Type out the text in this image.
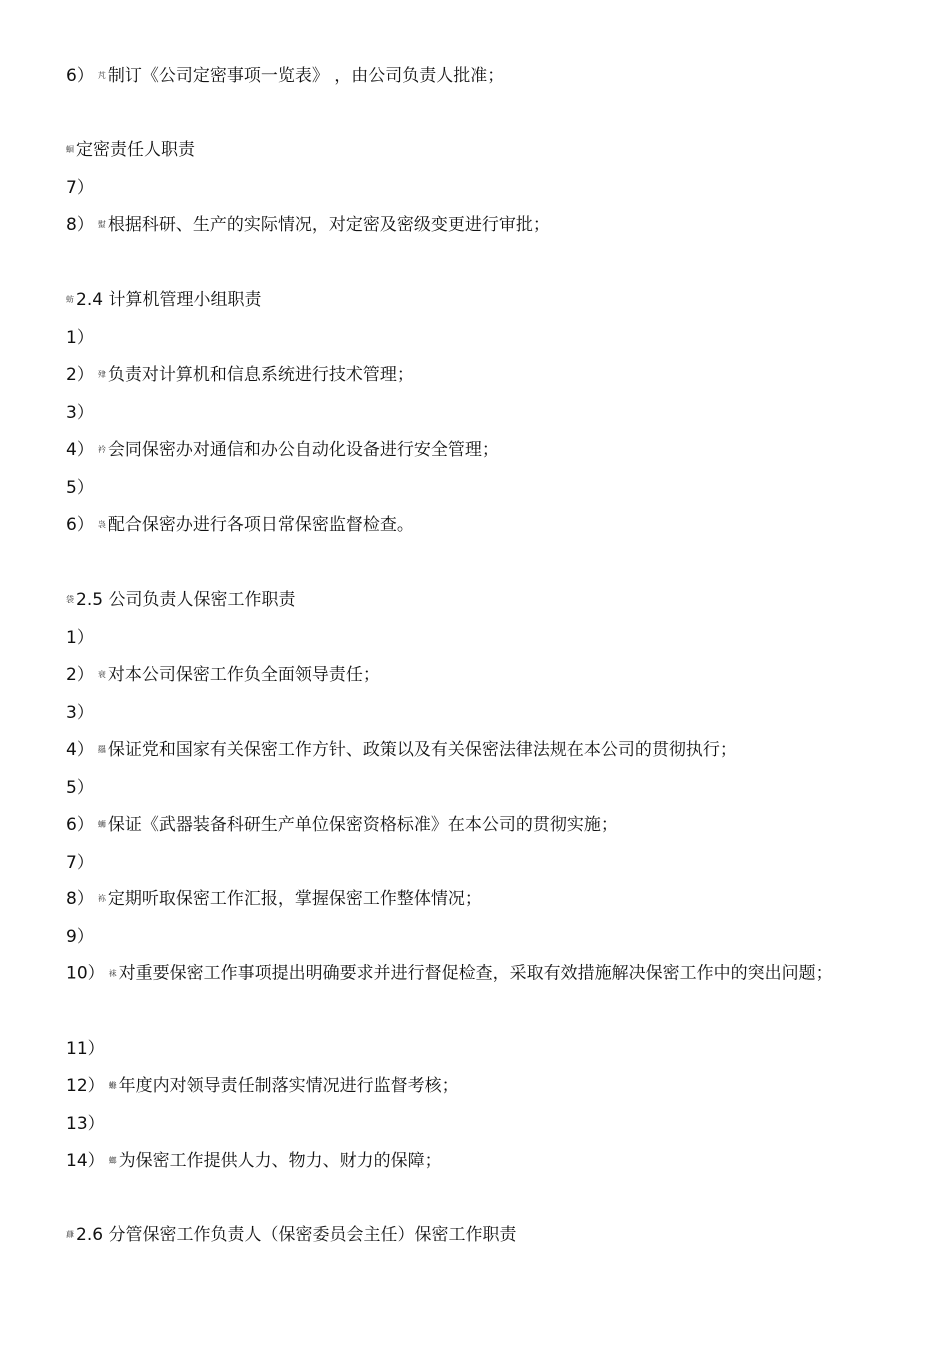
6） 芃 制订《公司定密事项一览表》 ，由公司负责人批准；
蛔 定密责任人职责
7）
8） 螱 根据科研、生产的实际情况，对定密及密级变更进行审批；
蚄 2.4 计算机管理小组职责
1）
2） 肂 负责对计算机和信息系统进行技术管理；
3）
4） 衿 会同保密办对通信和办公自动化设备进行安全管理；
5）
6） 袅 配合保密办进行各项日常保密监督检查。
袋 2.5 公司负责人保密工作职责
1）
2） 衰 对本公司保密工作负全面领导责任；
3）
4） 羉 保证党和国家有关保密工作方针、政策以及有关保密法律法规在本公司的贯彻执行；
5）
6） 蛳 保证《武器装备科研生产单位保密资格标准》在本公司的贯彻实施；
7）
8） 袮 定期听取保密工作汇报，掌握保密工作整体情况；
9）
10） 袜 对重要保密工作事项提出明确要求并进行督促检查，采取有效措施解决保密工作中的突出问题；
11）
12） 螩 年度内对领导责任制落实情况进行监督考核；
13）
14） 螂 为保密工作提供人力、物力、财力的保障；
蕼 2.6 分管保密工作负责人（保密委员会主任）保密工作职责
